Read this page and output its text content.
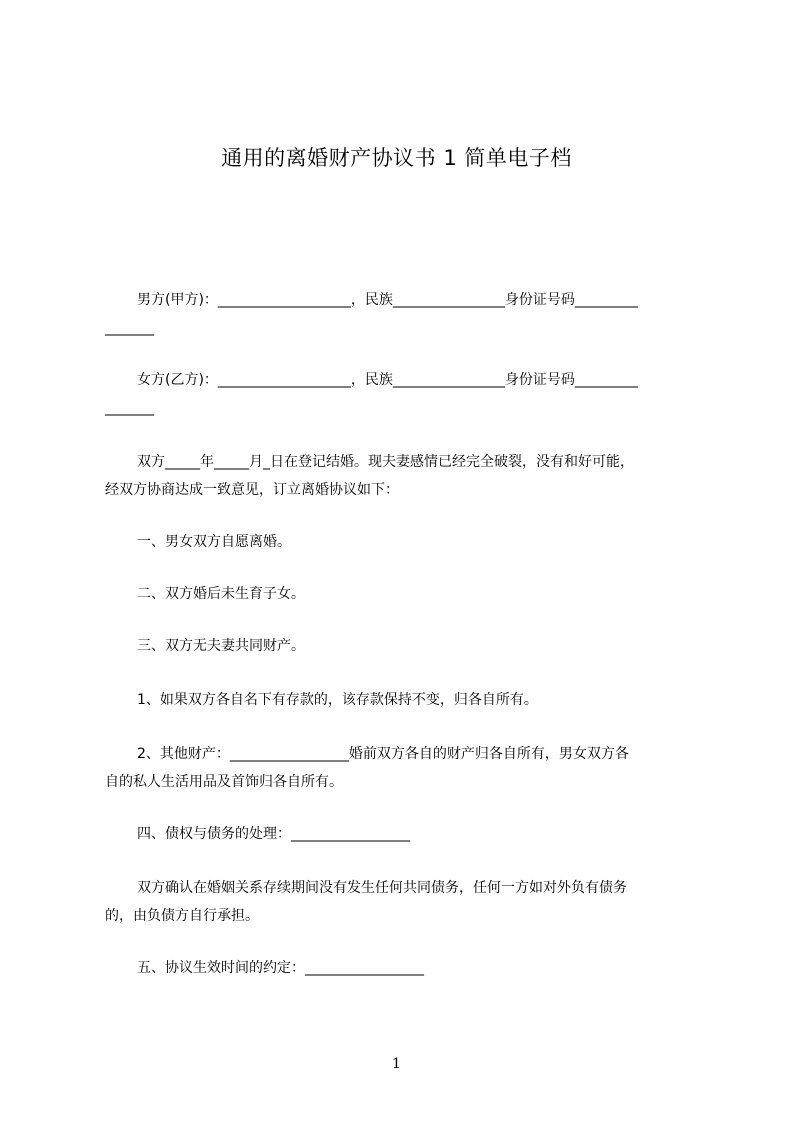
通用的离婚财产协议书 1 简单电子档
男方(甲方)：___________________，民族________________身份证号码_________
_______
女方(乙方)：___________________，民族________________身份证号码_________
_______
双方_____年_____月_日在登记结婚。现夫妻感情已经完全破裂，没有和好可能，
经双方协商达成一致意见，订立离婚协议如下：
一、男女双方自愿离婚。
二、双方婚后未生育子女。
三、双方无夫妻共同财产。
1、如果双方各自名下有存款的，该存款保持不变，归各自所有。
2、其他财产：_________________婚前双方各自的财产归各自所有，男女双方各
自的私人生活用品及首饰归各自所有。
四、债权与债务的处理：_________________
双方确认在婚姻关系存续期间没有发生任何共同债务，任何一方如对外负有债务
的，由负债方自行承担。
五、协议生效时间的约定：_________________
1
